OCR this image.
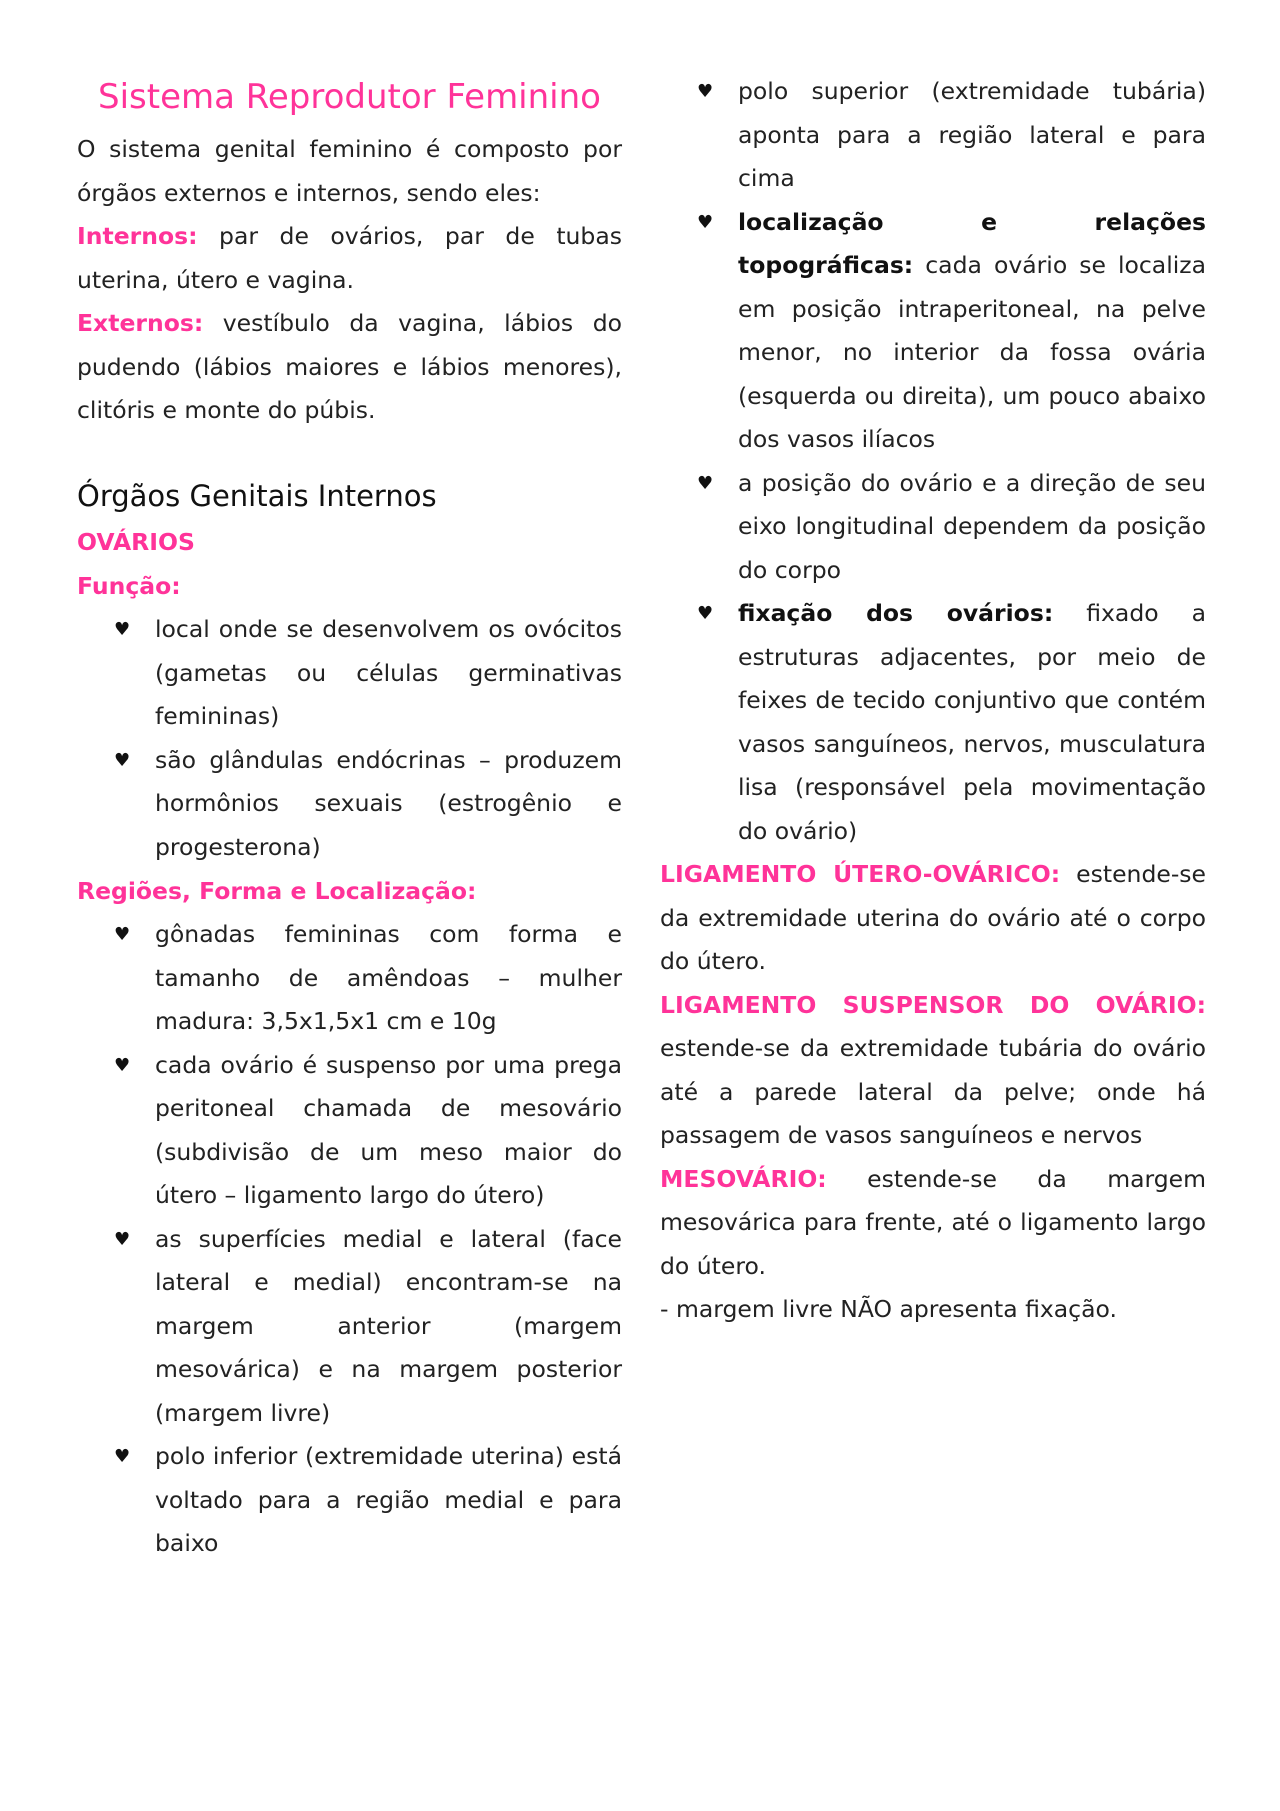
Sistema Reprodutor Feminino

O sistema genital feminino é composto por órgãos externos e internos, sendo eles:

Internos: par de ovários, par de tubas uterina, útero e vagina.

Externos: vestíbulo da vagina, lábios do pudendo (lábios maiores e lábios menores), clitóris e monte do púbis.

Órgãos Genitais Internos

OVÁRIOS

Função:

♥ local onde se desenvolvem os ovócitos (gametas ou células germinativas femininas)
♥ são glândulas endócrinas – produzem hormônios sexuais (estrogênio e progesterona)

Regiões, Forma e Localização:

♥ gônadas femininas com forma e tamanho de amêndoas – mulher madura: 3,5x1,5x1 cm e 10g
♥ cada ovário é suspenso por uma prega peritoneal chamada de mesovário (subdivisão de um meso maior do útero – ligamento largo do útero)
♥ as superfícies medial e lateral (face lateral e medial) encontram-se na margem anterior (margem mesovárica) e na margem posterior (margem livre)
♥ polo inferior (extremidade uterina) está voltado para a região medial e para baixo
♥ polo superior (extremidade tubária) aponta para a região lateral e para cima
♥ localização e relações topográficas: cada ovário se localiza em posição intraperitoneal, na pelve menor, no interior da fossa ovária (esquerda ou direita), um pouco abaixo dos vasos ilíacos
♥ a posição do ovário e a direção de seu eixo longitudinal dependem da posição do corpo
♥ fixação dos ovários: fixado a estruturas adjacentes, por meio de feixes de tecido conjuntivo que contém vasos sanguíneos, nervos, musculatura lisa (responsável pela movimentação do ovário)

LIGAMENTO ÚTERO-OVÁRICO: estende-se da extremidade uterina do ovário até o corpo do útero.

LIGAMENTO SUSPENSOR DO OVÁRIO: estende-se da extremidade tubária do ovário até a parede lateral da pelve; onde há passagem de vasos sanguíneos e nervos

MESOVÁRIO: estende-se da margem mesovárica para frente, até o ligamento largo do útero.

- margem livre NÃO apresenta fixação.
